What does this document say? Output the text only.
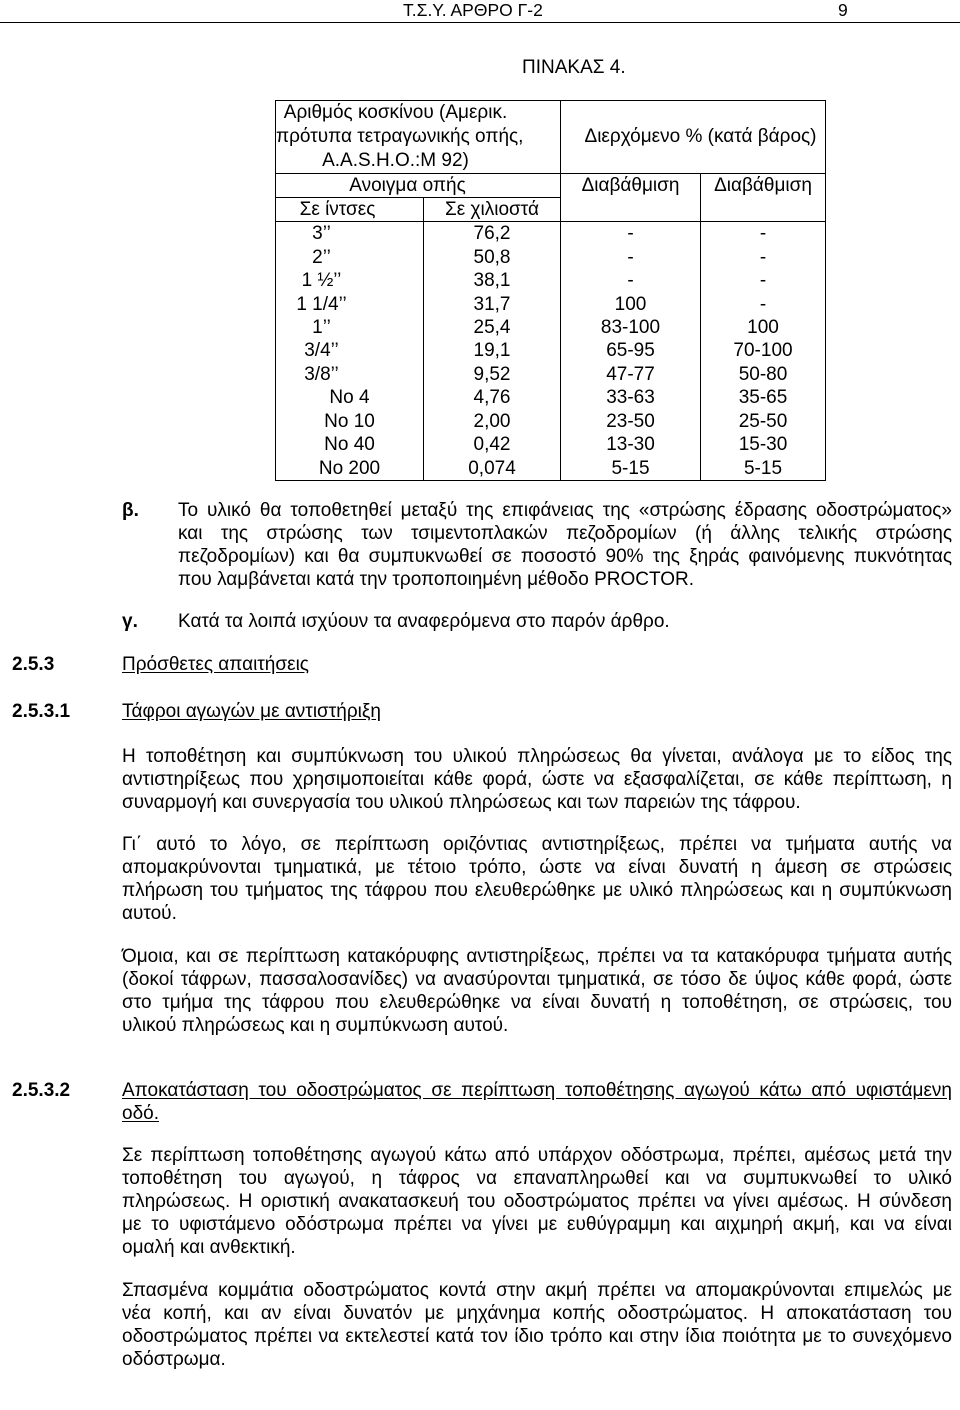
Τ.Σ.Υ. ΑΡΘΡΟ Γ-2	9
ΠΙΝΑΚΑΣ 4.
Αριθμός κοσκίνου (Αμερικ.
πρότυπα τετραγωνικής οπής,
A.A.S.H.O.:M 92)		Διερχόμενο % (κατά βάρος)	
Ανοιγμα οπής		Διαβάθμιση	Διαβάθμιση
Σε ίντσες	Σε χιλιοστά		
3’’	76,2	-	-
2’’	50,8	-	-
1 ½’’	38,1	-	-
1 1/4’’	31,7	100	-
1’’	25,4	83-100	100
3/4’’	19,1	65-95	70-100
3/8’’	9,52	47-77	50-80
No 4	4,76	33-63	35-65
No 10	2,00	23-50	25-50
No 40	0,42	13-30	15-30
No 200	0,074	5-15	5-15
β. Το υλικό θα τοποθετηθεί μεταξύ της επιφάνειας της «στρώσης έδρασης οδοστρώματος»
και της στρώσης των τσιμεντοπλακών πεζοδρομίων (ή άλλης τελικής στρώσης
πεζοδρομίων) και θα συμπυκνωθεί σε ποσοστό 90% της ξηράς φαινόμενης πυκνότητας
που λαμβάνεται κατά την τροποποιημένη μέθοδο PROCTOR.
γ. Κατά τα λοιπά ισχύουν τα αναφερόμενα στο παρόν άρθρο.
2.5.3	Πρόσθετες απαιτήσεις
2.5.3.1	Τάφροι αγωγών με αντιστήριξη
Η τοποθέτηση και συμπύκνωση του υλικού πληρώσεως θα γίνεται, ανάλογα με το είδος της
αντιστηρίξεως που χρησιμοποιείται κάθε φορά, ώστε να εξασφαλίζεται, σε κάθε περίπτωση, η
συναρμογή και συνεργασία του υλικού πληρώσεως και των παρειών της τάφρου.
Γι΄ αυτό το λόγο, σε περίπτωση οριζόντιας αντιστηρίξεως, πρέπει να τμήματα αυτής να
απομακρύνονται τμηματικά, με τέτοιο τρόπο, ώστε να είναι δυνατή η άμεση σε στρώσεις
πλήρωση του τμήματος της τάφρου που ελευθερώθηκε με υλικό πληρώσεως και η συμπύκνωση
αυτού.
Όμοια, και σε περίπτωση κατακόρυφης αντιστηρίξεως, πρέπει να τα κατακόρυφα τμήματα αυτής
(δοκοί τάφρων, πασσαλοσανίδες) να ανασύρονται τμηματικά, σε τόσο δε ύψος κάθε φορά, ώστε
στο τμήμα της τάφρου που ελευθερώθηκε να είναι δυνατή η τοποθέτηση, σε στρώσεις, του
υλικού πληρώσεως και η συμπύκνωση αυτού.
2.5.3.2	Αποκατάσταση του οδοστρώματος σε περίπτωση τοποθέτησης αγωγού κάτω από υφιστάμενη
οδό.
Σε περίπτωση τοποθέτησης αγωγού κάτω από υπάρχον οδόστρωμα, πρέπει, αμέσως μετά την
τοποθέτηση του αγωγού, η τάφρος να επαναπληρωθεί και να συμπυκνωθεί το υλικό
πληρώσεως. Η οριστική ανακατασκευή του οδοστρώματος πρέπει να γίνει αμέσως. Η σύνδεση
με το υφιστάμενο οδόστρωμα πρέπει να γίνει με ευθύγραμμη και αιχμηρή ακμή, και να είναι
ομαλή και ανθεκτική.
Σπασμένα κομμάτια οδοστρώματος κοντά στην ακμή πρέπει να απομακρύνονται επιμελώς με
νέα κοπή, και αν είναι δυνατόν με μηχάνημα κοπής οδοστρώματος. Η αποκατάσταση του
οδοστρώματος πρέπει να εκτελεστεί κατά τον ίδιο τρόπο και στην ίδια ποιότητα με το συνεχόμενο
οδόστρωμα.
